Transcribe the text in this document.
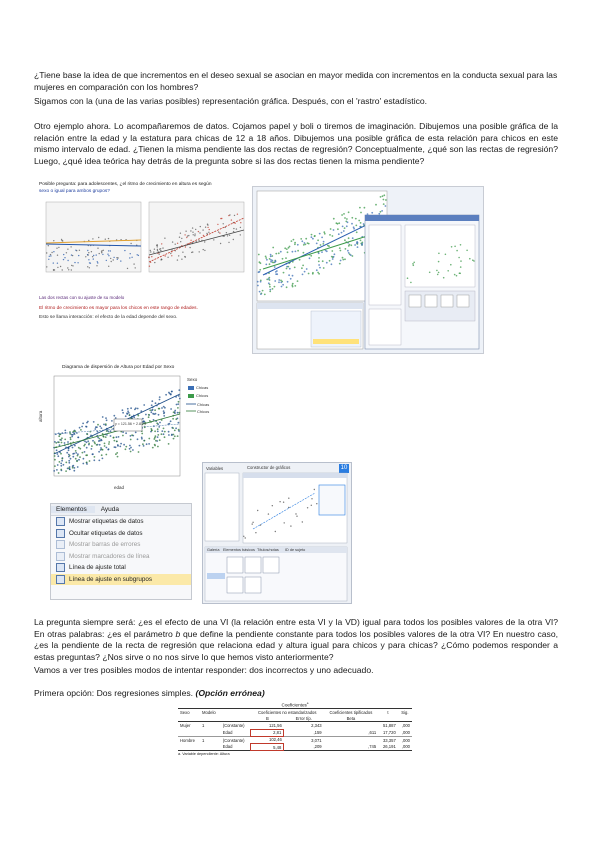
¿Tiene base la idea de que incrementos en el deseo sexual se asocian en mayor medida con incrementos en la conducta sexual para las mujeres en comparación con los hombres?

Sigamos con la (una de las varias posibles) representación gráfica. Después, con el 'rastro' estadístico.

Otro ejemplo ahora. Lo acompañaremos de datos. Cojamos papel y boli o tiremos de imaginación. Dibujemos una posible gráfica de la relación entre la edad y la estatura para chicas de 12 a 18 años. Dibujemos una posible gráfica de esta relación para chicos en este mismo intervalo de edad. ¿Tienen la misma pendiente las dos rectas de regresión? Conceptualmente, ¿qué son las rectas de regresión? Luego, ¿qué idea teórica hay detrás de la pregunta sobre si las dos rectas tienen la misma pendiente?

Posible pregunta: para adolescentes, ¿el ritmo de crecimiento en altura es según
sexo o igual para ambos grupos?
Las dos rectas con su ajuste de su modelo
El ritmo de crecimiento es mayor para los chicos en este rango de edades.
Esto se llama interacción: el efecto de la edad depende del sexo.
Diagrama de dispersión de Altura por Edad por Sexo
y = 121.56 + 2.81*x
Sexo
Chicas
Chicos
Chicas
Chicos
altura
edad
Elementos	Ayuda
Mostrar etiquetas de datos
Ocultar etiquetas de datos
Mostrar barras de errores
Mostrar marcadores de línea
Línea de ajuste total
Línea de ajuste en subgrupos
Constructor de gráficos	10
Variables
Galería Elementos básicos Títulos/notas ID de sujeto

La pregunta siempre será: ¿es el efecto de una VI (la relación entre esta VI y la VD) igual para todos los posibles valores de la otra VI? En otras palabras: ¿es el parámetro b que define la pendiente constante para todos los posibles valores de la otra VI? En nuestro caso, ¿es la pendiente de la recta de regresión que relaciona edad y altura igual para chicos y para chicas? ¿Cómo podemos responder a estas preguntas? ¿Nos sirve o no nos sirve lo que hemos visto anteriormente?

Vamos a ver tres posibles modos de intentar responder: dos incorrectos y uno adecuado.

Primera opción: Dos regresiones simples. (Opción errónea)

Coeficientes$^a$
Sexo	Modelo		Coeficientes no estandarizados		Coeficientes tipificados	t	Sig.
			B	Error típ.	Beta		
Mujer	1	(Constante)	121,56	2,343		51,887	,000
		Edad	2,81	,159	,611	17,720	,000
Hombre	1	(Constante)	102,46	3,071		33,357	,000
		Edad	5,48	,209	,745	26,191	,000
a. Variable dependiente: Altura
